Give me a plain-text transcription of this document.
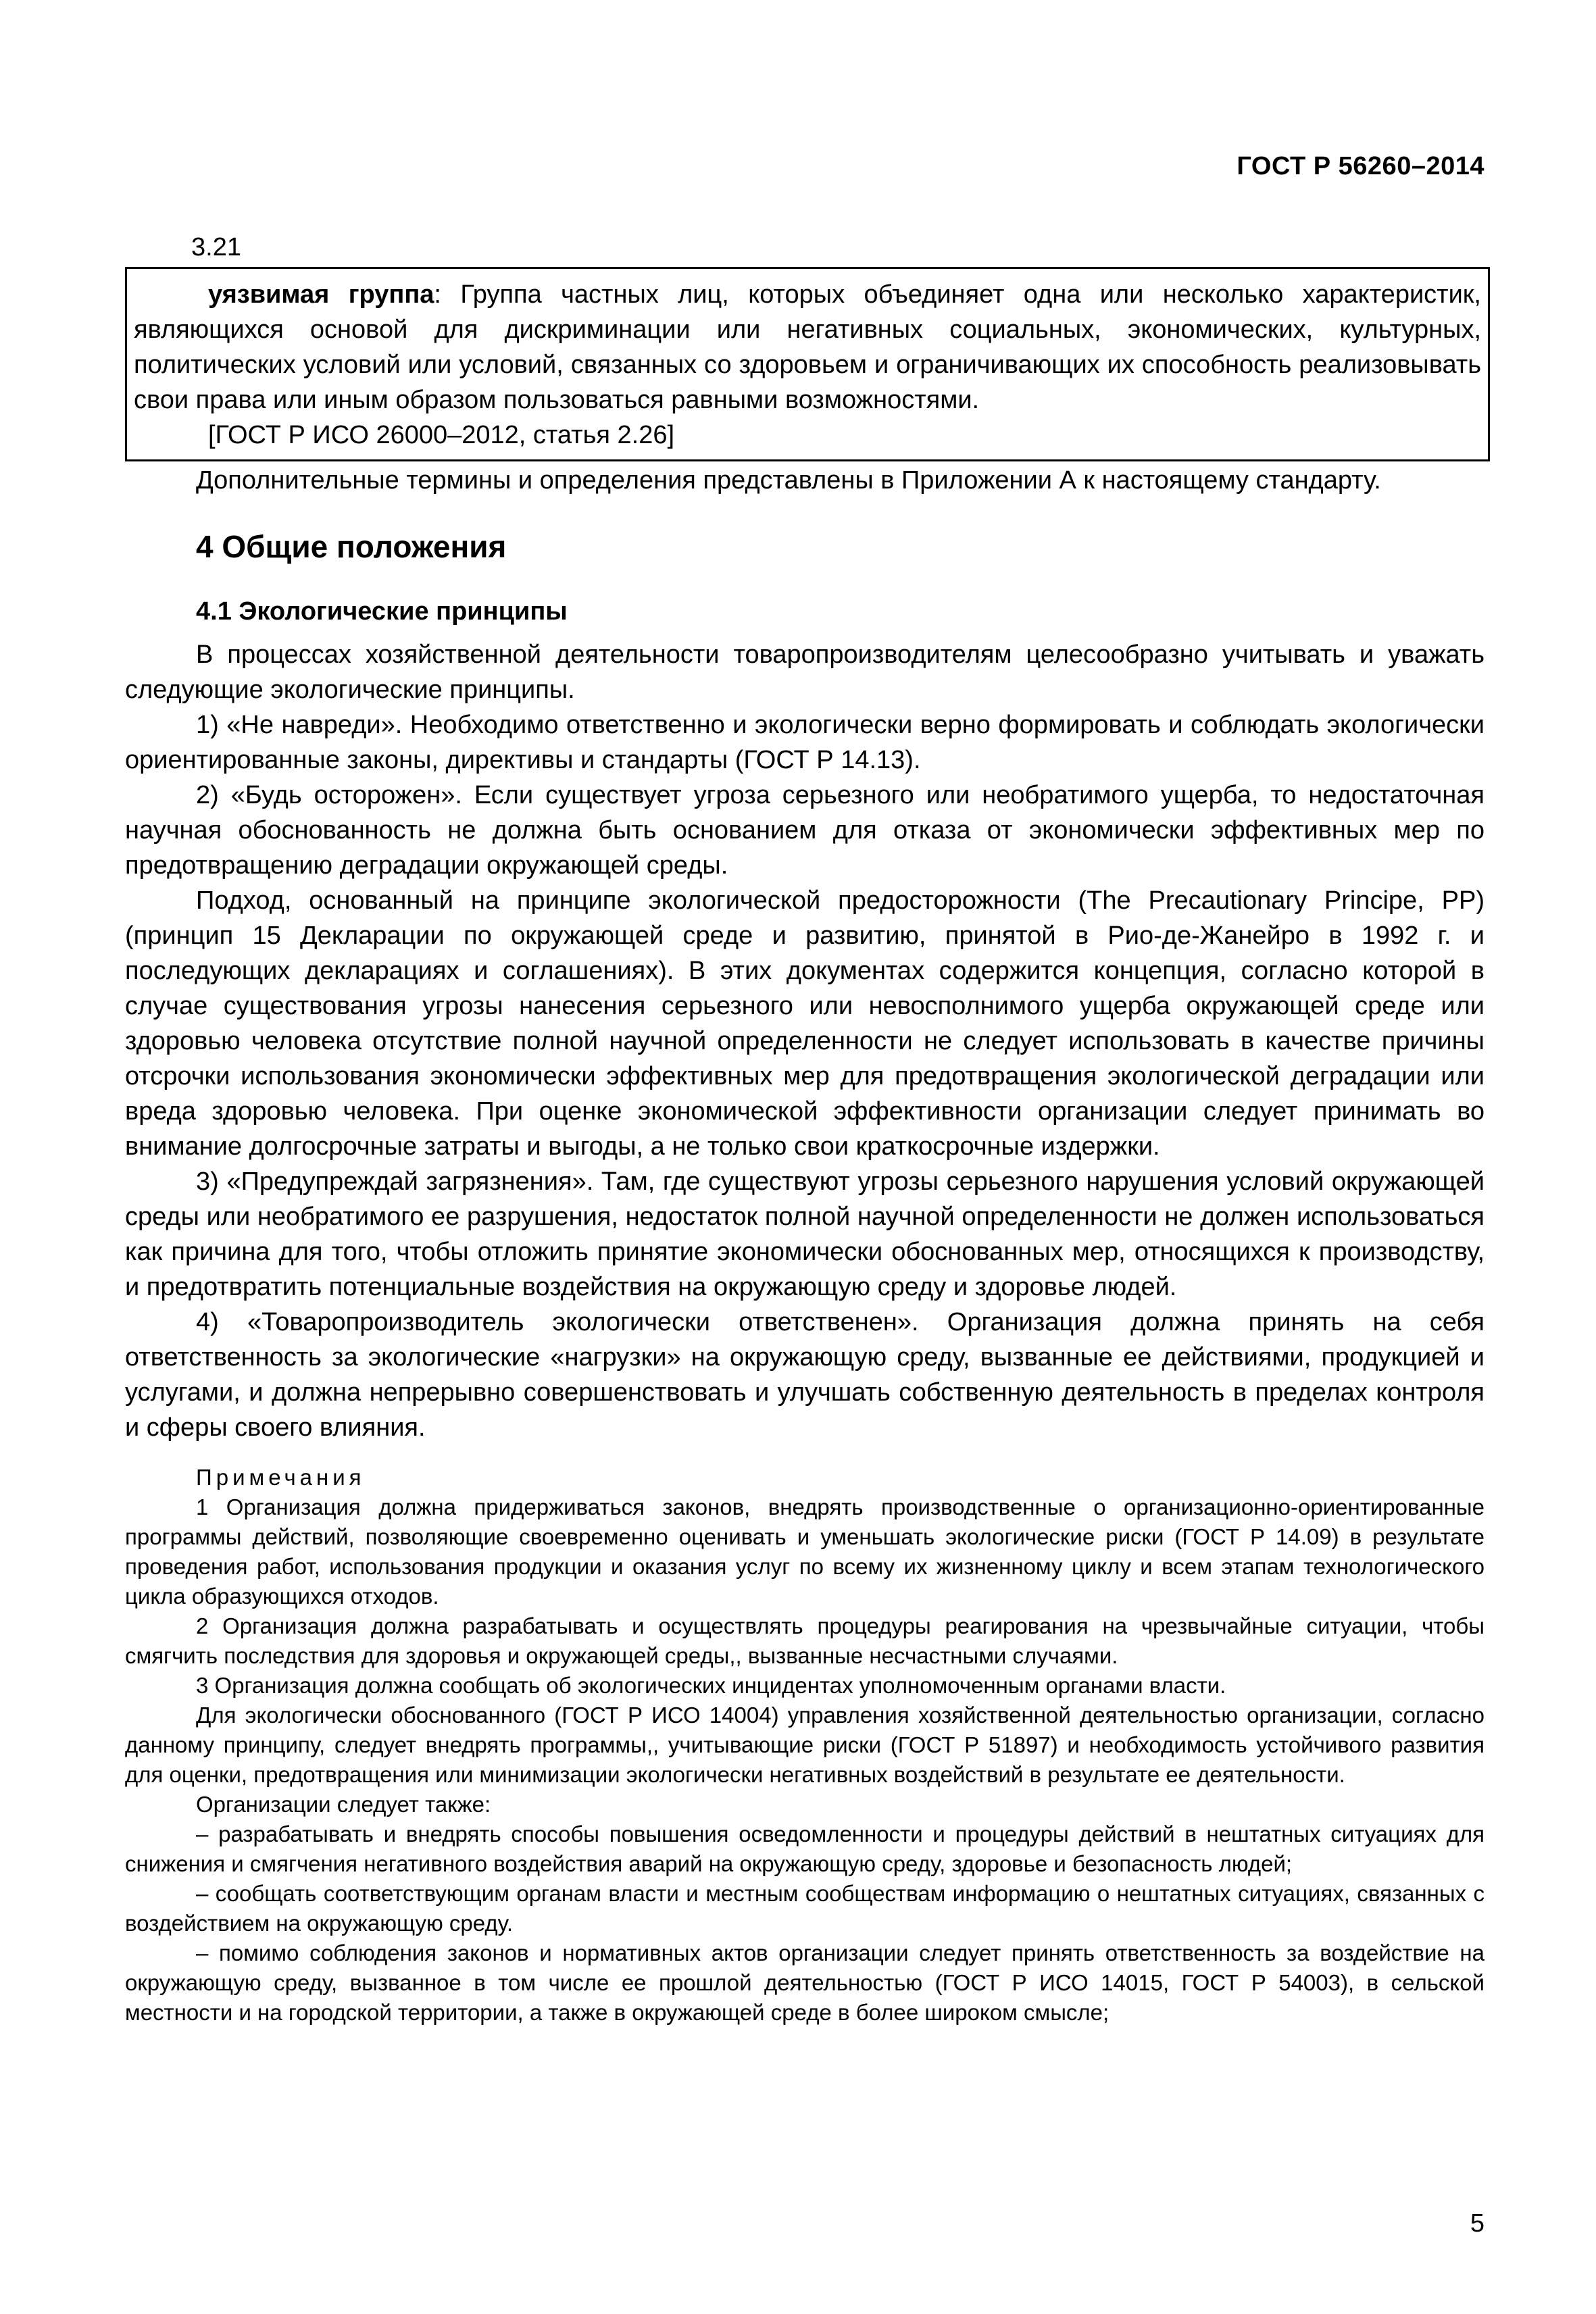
ГОСТ Р 56260–2014
3.21

уязвимая группа: Группа частных лиц, которых объединяет одна или несколько характеристик, являющихся основой для дискриминации или негативных социальных, экономических, культурных, политических условий или условий, связанных со здоровьем и ограничивающих их способность реализовывать свои права или иным образом пользоваться равными возможностями.

[ГОСТ Р ИСО 26000–2012, статья 2.26]

Дополнительные термины и определения представлены в Приложении А к настоящему стандарту.

4 Общие положения
4.1 Экологические принципы

В процессах хозяйственной деятельности товаропроизводителям целесообразно учитывать и уважать следующие экологические принципы.

1) «Не навреди». Необходимо ответственно и экологически верно формировать и соблюдать экологически ориентированные законы, директивы и стандарты (ГОСТ Р 14.13).

2) «Будь осторожен». Если существует угроза серьезного или необратимого ущерба, то недостаточная научная обоснованность не должна быть основанием для отказа от экономически эффективных мер по предотвращению деградации окружающей среды.

Подход, основанный на принципе экологической предосторожности (The Precautionary Principe, PP) (принцип 15 Декларации по окружающей среде и развитию, принятой в Рио-де-Жанейро в 1992 г. и последующих декларациях и соглашениях). В этих документах содержится концепция, согласно которой в случае существования угрозы нанесения серьезного или невосполнимого ущерба окружающей среде или здоровью человека отсутствие полной научной определенности не следует использовать в качестве причины отсрочки использования экономически эффективных мер для предотвращения экологической деградации или вреда здоровью человека. При оценке экономической эффективности организации следует принимать во внимание долгосрочные затраты и выгоды, а не только свои краткосрочные издержки.

3) «Предупреждай загрязнения». Там, где существуют угрозы серьезного нарушения условий окружающей среды или необратимого ее разрушения, недостаток полной научной определенности не должен использоваться как причина для того, чтобы отложить принятие экономически обоснованных мер, относящихся к производству, и предотвратить потенциальные воздействия на окружающую среду и здоровье людей.

4) «Товаропроизводитель экологически ответственен». Организация должна принять на себя ответственность за экологические «нагрузки» на окружающую среду, вызванные ее действиями, продукцией и услугами, и должна непрерывно совершенствовать и улучшать собственную деятельность в пределах контроля и сферы своего влияния.

Примечания

1 Организация должна придерживаться законов, внедрять производственные о организационно-ориентированные программы действий, позволяющие своевременно оценивать и уменьшать экологические риски (ГОСТ Р 14.09) в результате проведения работ, использования продукции и оказания услуг по всему их жизненному циклу и всем этапам технологического цикла образующихся отходов.

2 Организация должна разрабатывать и осуществлять процедуры реагирования на чрезвычайные ситуации, чтобы смягчить последствия для здоровья и окружающей среды,, вызванные несчастными случаями.

3 Организация должна сообщать об экологических инцидентах уполномоченным органами власти.

Для экологически обоснованного (ГОСТ Р ИСО 14004) управления хозяйственной деятельностью организации, согласно данному принципу, следует внедрять программы,, учитывающие риски (ГОСТ Р 51897) и необходимость устойчивого развития для оценки, предотвращения или минимизации экологически негативных воздействий в результате ее деятельности.

Организации следует также:

– разрабатывать и внедрять способы повышения осведомленности и процедуры действий в нештатных ситуациях для снижения и смягчения негативного воздействия аварий на окружающую среду, здоровье и безопасность людей;

– сообщать соответствующим органам власти и местным сообществам информацию о нештатных ситуациях, связанных с воздействием на окружающую среду.

– помимо соблюдения законов и нормативных актов организации следует принять ответственность за воздействие на окружающую среду, вызванное в том числе ее прошлой деятельностью (ГОСТ Р ИСО 14015, ГОСТ Р 54003), в сельской местности и на городской территории, а также в окружающей среде в более широком смысле;

5
